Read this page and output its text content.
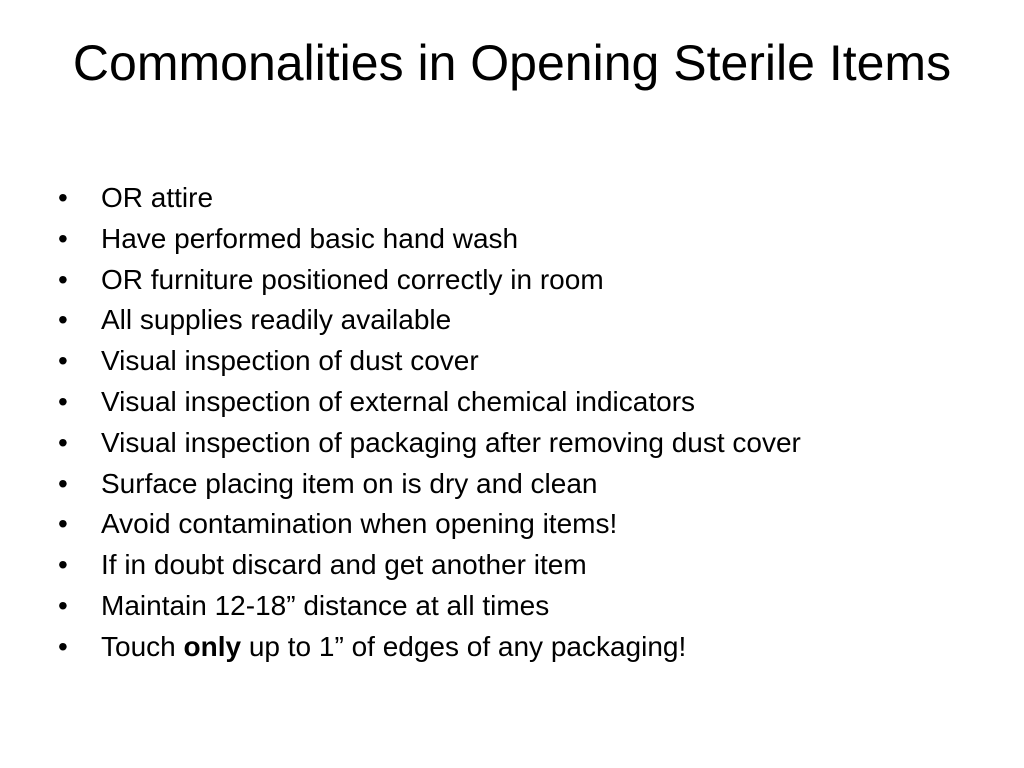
Commonalities in Opening Sterile Items
•	OR attire
•	Have performed basic hand wash
•	OR furniture positioned correctly in room
•	All supplies readily available
•	Visual inspection of dust cover
•	Visual inspection of external chemical indicators
•	Visual inspection of packaging after removing dust cover
•	Surface placing item on is dry and clean
•	Avoid contamination when opening items!
•	If in doubt discard and get another item
•	Maintain 12-18” distance at all times
•	Touch only up to 1” of edges of any packaging!
